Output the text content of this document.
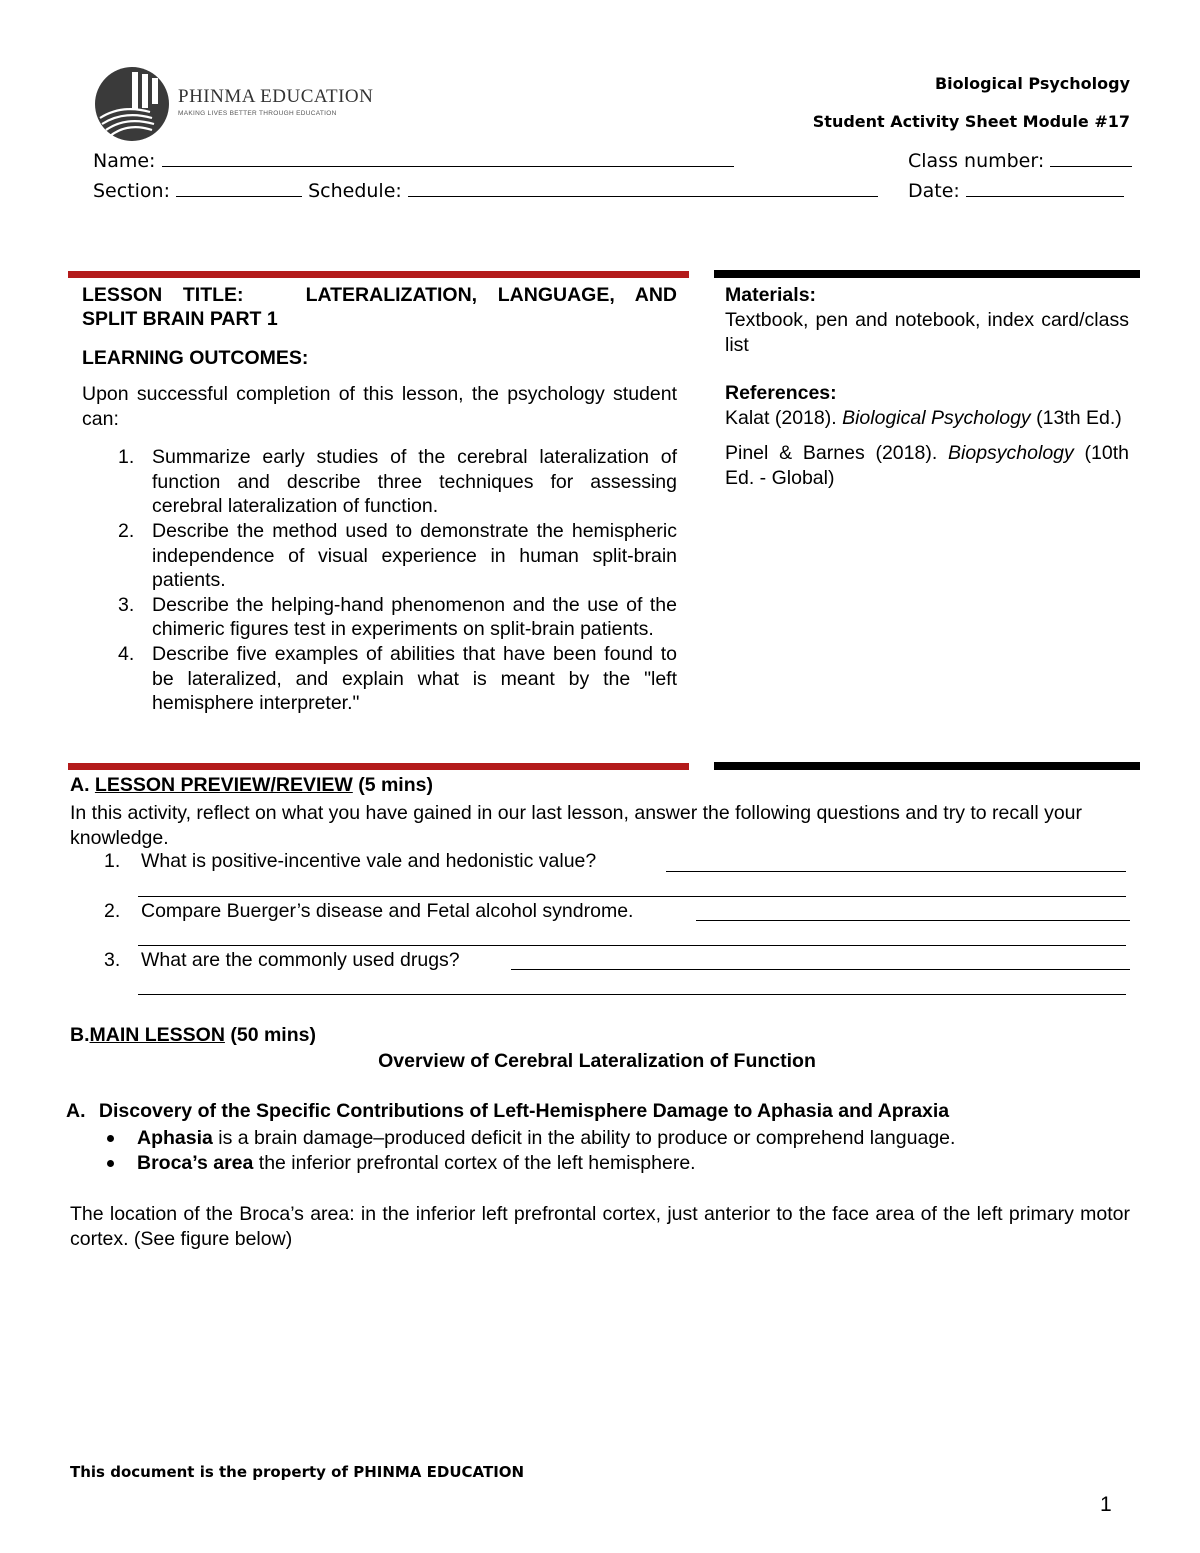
PHINMA EDUCATION
MAKING LIVES BETTER THROUGH EDUCATION
Biological Psychology
Student Activity Sheet Module #17
Name:	Class number:
Section:	Schedule:	Date:
LESSON TITLE:   LATERALIZATION, LANGUAGE, AND
SPLIT BRAIN PART 1
LEARNING OUTCOMES:
Upon successful completion of this lesson, the psychology student can:
1. Summarize early studies of the cerebral lateralization of function and describe three techniques for assessing cerebral lateralization of function.
2. Describe the method used to demonstrate the hemispheric independence of visual experience in human split-brain patients.
3. Describe the helping-hand phenomenon and the use of the chimeric figures test in experiments on split-brain patients.
4. Describe five examples of abilities that have been found to be lateralized, and explain what is meant by the "left hemisphere interpreter."
Materials:
Textbook, pen and notebook, index card/class list
References:
Kalat (2018). Biological Psychology (13th Ed.)
Pinel & Barnes (2018). Biopsychology (10th Ed. - Global)
A. LESSON PREVIEW/REVIEW (5 mins)
In this activity, reflect on what you have gained in our last lesson, answer the following questions and try to recall your knowledge.
1. What is positive-incentive vale and hedonistic value?
2. Compare Buerger’s disease and Fetal alcohol syndrome.
3. What are the commonly used drugs?
B.MAIN LESSON (50 mins)
Overview of Cerebral Lateralization of Function
A. Discovery of the Specific Contributions of Left-Hemisphere Damage to Aphasia and Apraxia
Aphasia is a brain damage–produced deficit in the ability to produce or comprehend language.
Broca’s area the inferior prefrontal cortex of the left hemisphere.
The location of the Broca’s area: in the inferior left prefrontal cortex, just anterior to the face area of the left primary motor cortex. (See figure below)
This document is the property of PHINMA EDUCATION
1
